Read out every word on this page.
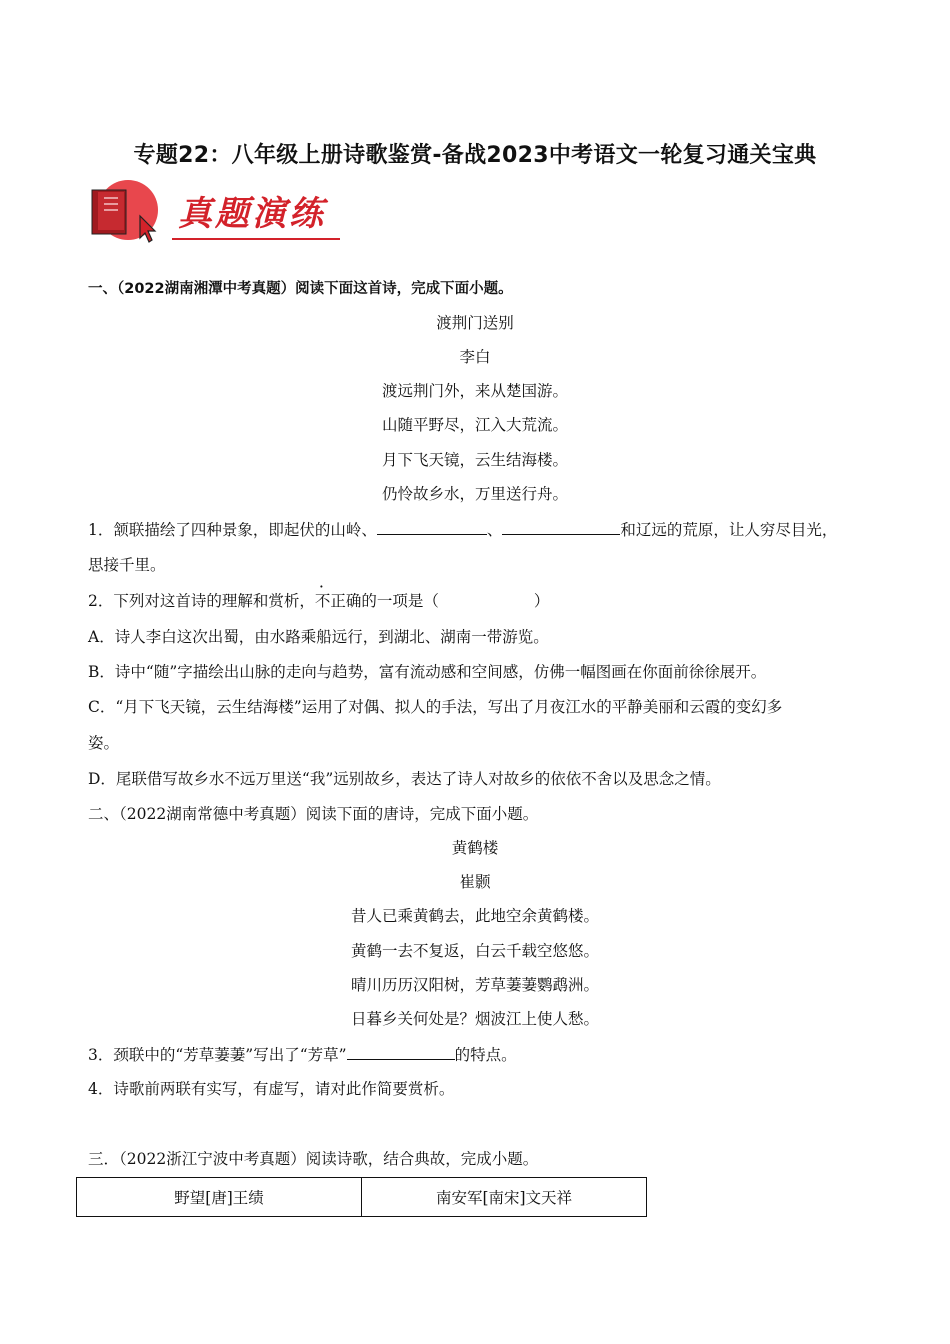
专题22：八年级上册诗歌鉴赏-备战2023中考语文一轮复习通关宝典
真题演练
一、（2022湖南湘潭中考真题）阅读下面这首诗，完成下面小题。
渡荆门送别
李白
渡远荆门外，来从楚国游。
山随平野尽，江入大荒流。
月下飞天镜，云生结海楼。
仍怜故乡水，万里送行舟。
1．颔联描绘了四种景象，即起伏的山岭、	、	和辽远的荒原，让人穷尽目光，
思接千里。
2．下列对这首诗的理解和赏析，不正确的一项是（	）
A．诗人李白这次出蜀，由水路乘船远行，到湖北、湖南一带游览。
B．诗中“随”字描绘出山脉的走向与趋势，富有流动感和空间感，仿佛一幅图画在你面前徐徐展开。
C．“月下飞天镜，云生结海楼”运用了对偶、拟人的手法，写出了月夜江水的平静美丽和云霞的变幻多
姿。
D．尾联借写故乡水不远万里送“我”远别故乡，表达了诗人对故乡的依依不舍以及思念之情。
二、（2022湖南常德中考真题）阅读下面的唐诗，完成下面小题。
黄鹤楼
崔颢
昔人已乘黄鹤去，此地空余黄鹤楼。
黄鹤一去不复返，白云千载空悠悠。
晴川历历汉阳树，芳草萋萋鹦鹉洲。
日暮乡关何处是？烟波江上使人愁。
3．颈联中的“芳草萋萋”写出了“芳草”	的特点。
4．诗歌前两联有实写，有虚写，请对此作简要赏析。
三．（2022浙江宁波中考真题）阅读诗歌，结合典故，完成小题。
野望[唐]王绩	南安军[南宋]文天祥
